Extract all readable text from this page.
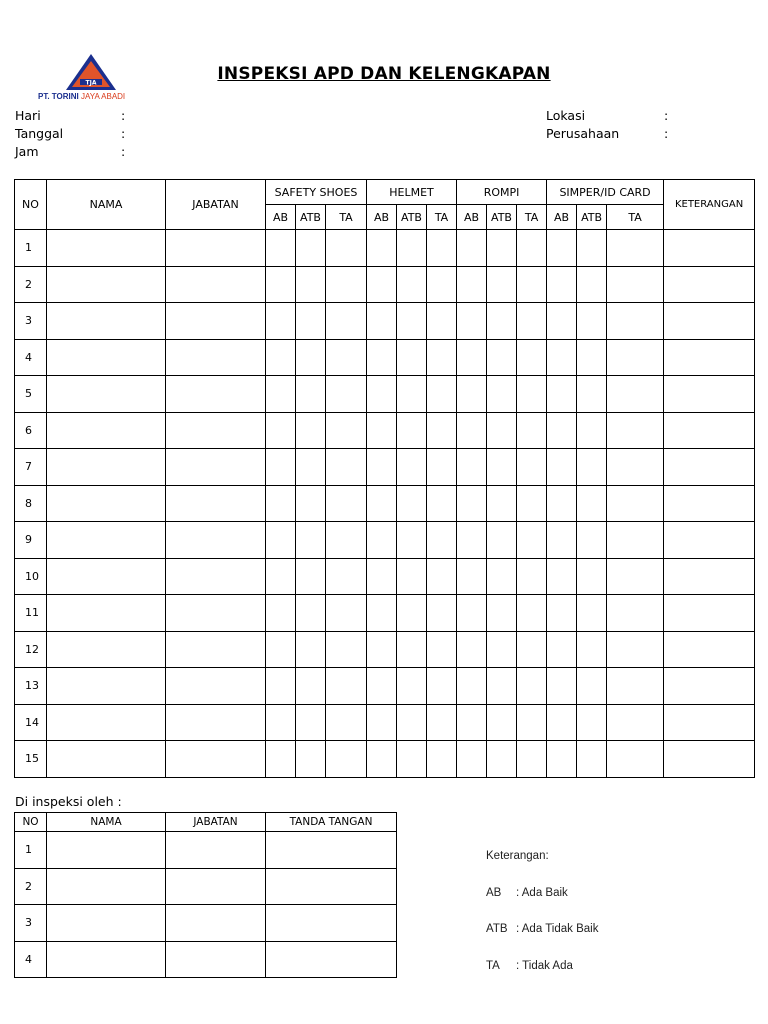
TJA
PT. TORINI JAYA ABADI
INSPEKSI APD DAN KELENGKAPAN
Hari	:
Tanggal	:
Jam	:
Lokasi	:
Perusahaan	:
NO	NAMA	JABATAN	SAFETY SHOES			HELMET			ROMPI			SIMPER/ID CARD			KETERANGAN
			AB	ATB	TA	AB	ATB	TA	AB	ATB	TA	AB	ATB	TA	
1															
2															
3															
4															
5															
6															
7															
8															
9															
10															
11															
12															
13															
14															
15															
Di inspeksi oleh :
NO	NAMA	JABATAN	TANDA TANGAN
1			
2			
3			
4			
Keterangan:
AB : Ada Baik
ATB : Ada Tidak Baik
TA : Tidak Ada
